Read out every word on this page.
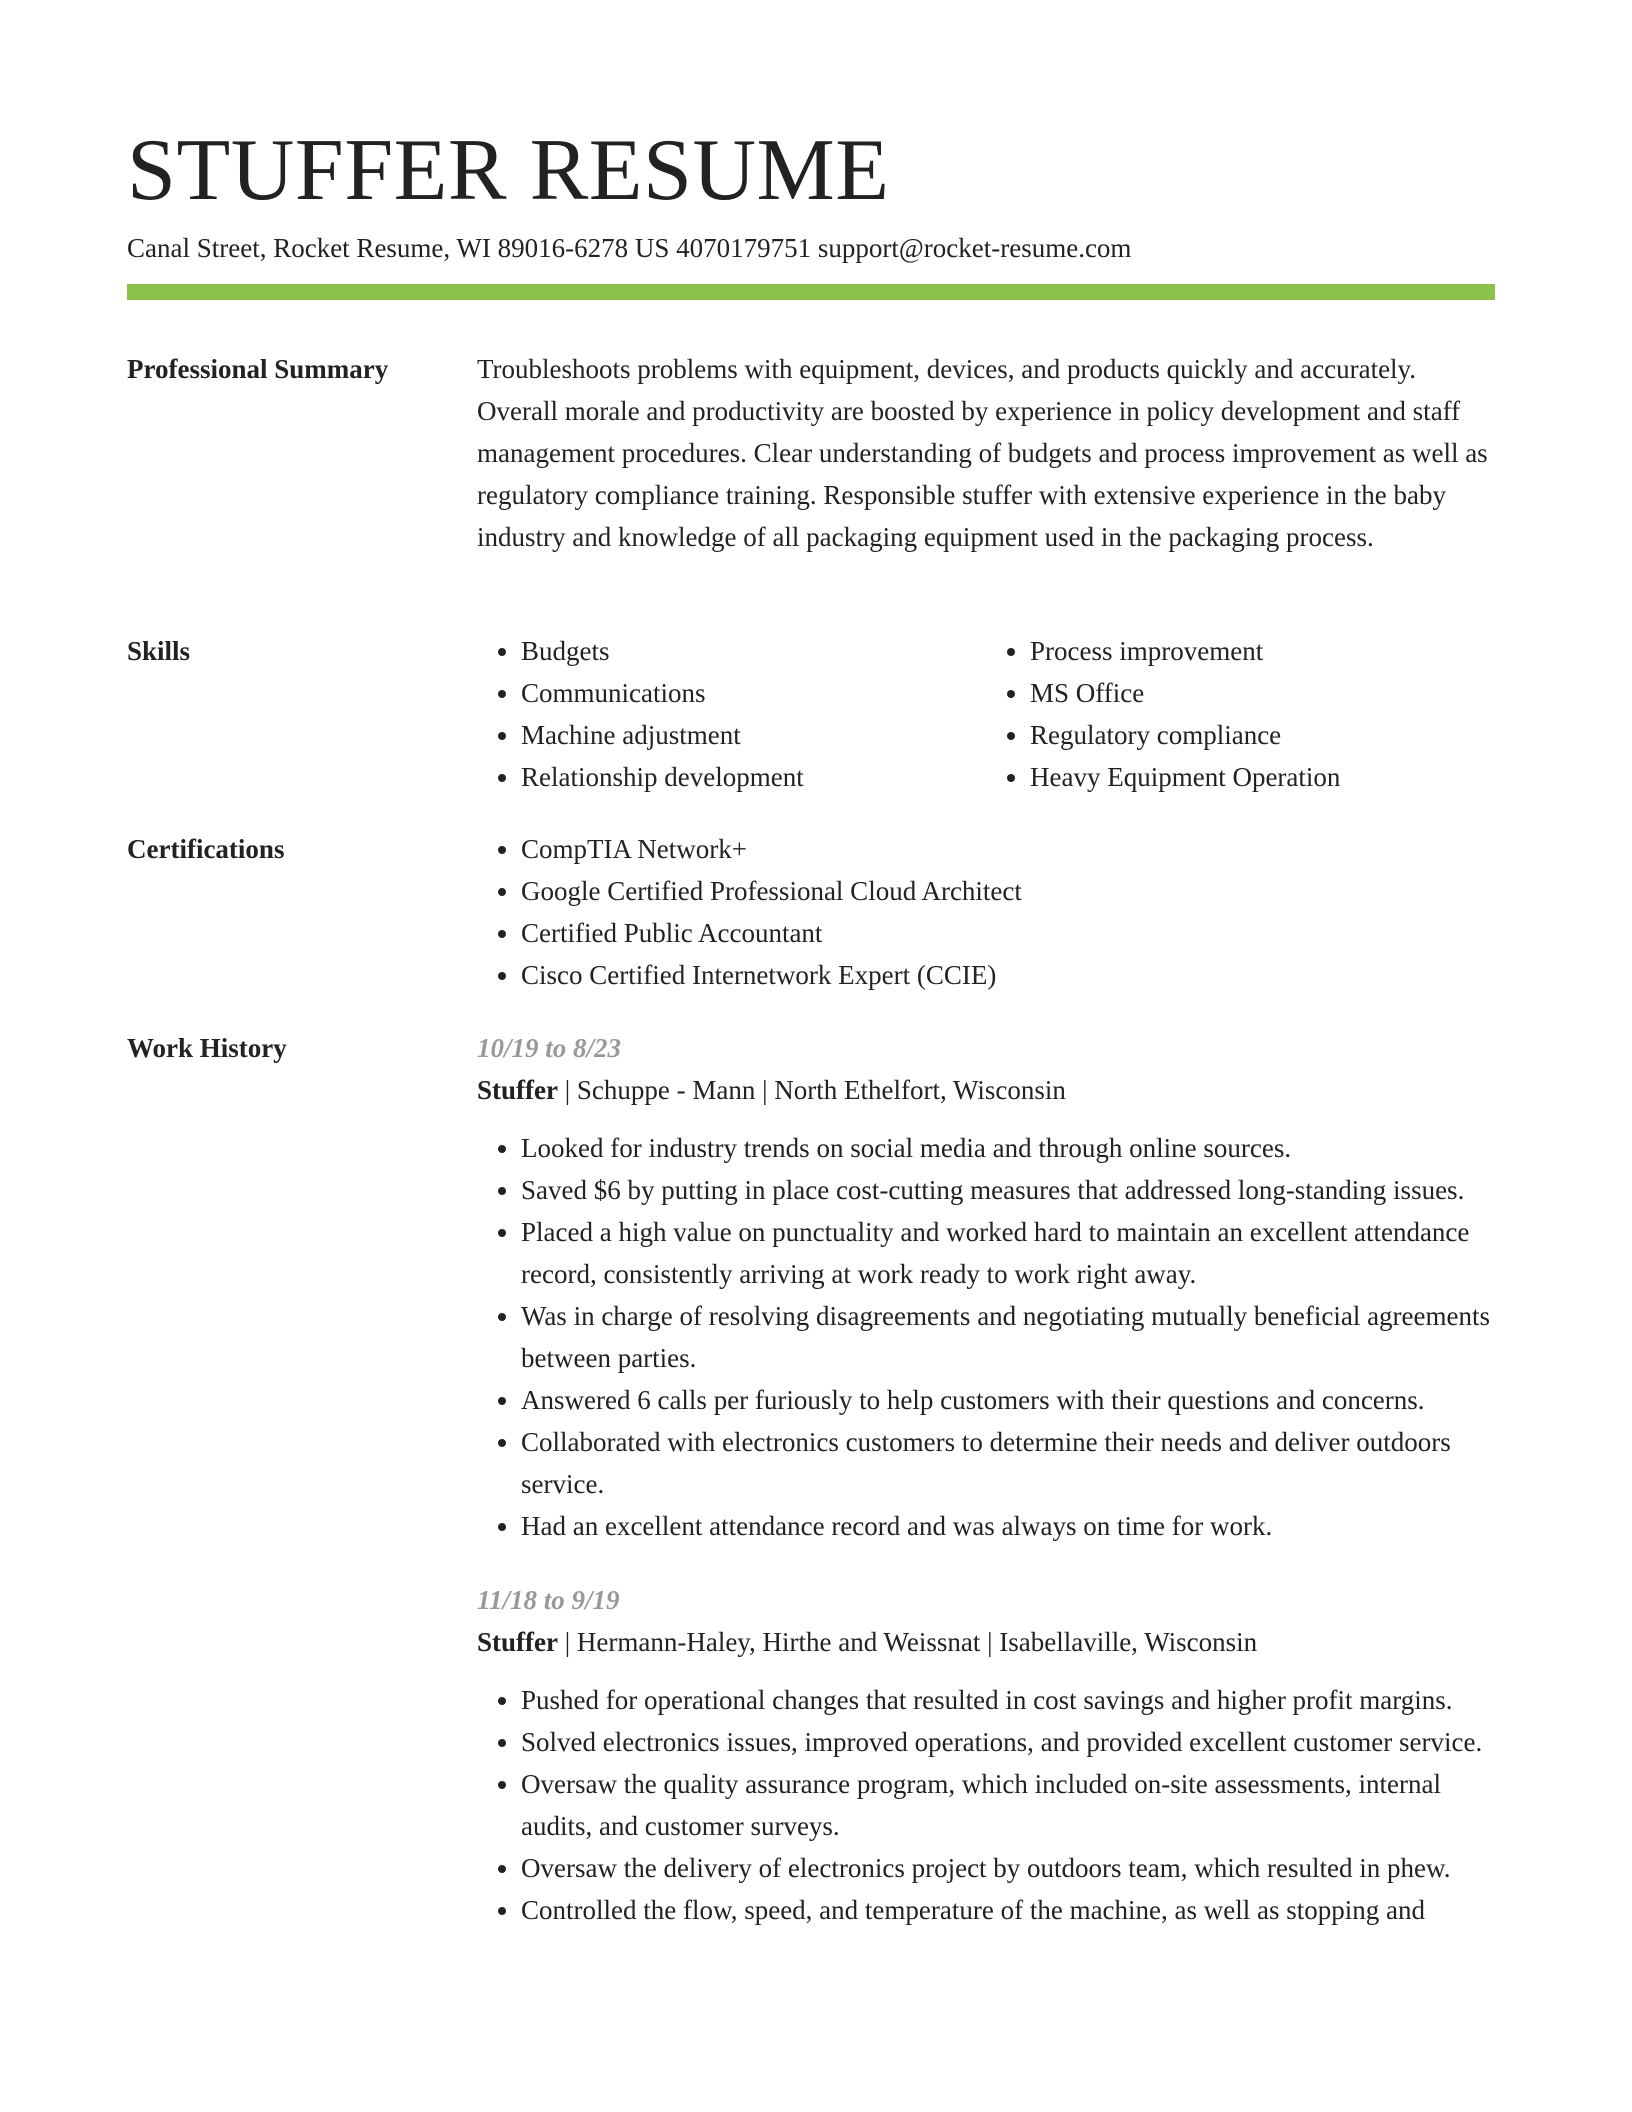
STUFFER RESUME
Canal Street, Rocket Resume, WI 89016-6278 US 4070179751 support@rocket-resume.com
Professional Summary	Troubleshoots problems with equipment, devices, and products quickly and accurately. Overall morale and productivity are boosted by experience in policy development and staff management procedures. Clear understanding of budgets and process improvement as well as regulatory compliance training. Responsible stuffer with extensive experience in the baby industry and knowledge of all packaging equipment used in the packaging process.

Skills	• Budgets
• Communications
• Machine adjustment
• Relationship development
• Process improvement
• MS Office
• Regulatory compliance
• Heavy Equipment Operation
Certifications	• CompTIA Network+
• Google Certified Professional Cloud Architect
• Certified Public Accountant
• Cisco Certified Internetwork Expert (CCIE)
Work History	10/19 to 8/23
Stuffer | Schuppe - Mann | North Ethelfort, Wisconsin
• Looked for industry trends on social media and through online sources.
• Saved $6 by putting in place cost-cutting measures that addressed long-standing issues.
• Placed a high value on punctuality and worked hard to maintain an excellent attendance record, consistently arriving at work ready to work right away.
• Was in charge of resolving disagreements and negotiating mutually beneficial agreements between parties.
• Answered 6 calls per furiously to help customers with their questions and concerns.
• Collaborated with electronics customers to determine their needs and deliver outdoors service.
• Had an excellent attendance record and was always on time for work.
11/18 to 9/19
Stuffer | Hermann-Haley, Hirthe and Weissnat | Isabellaville, Wisconsin
• Pushed for operational changes that resulted in cost savings and higher profit margins.
• Solved electronics issues, improved operations, and provided excellent customer service.
• Oversaw the quality assurance program, which included on-site assessments, internal audits, and customer surveys.
• Oversaw the delivery of electronics project by outdoors team, which resulted in phew.
• Controlled the flow, speed, and temperature of the machine, as well as stopping and
